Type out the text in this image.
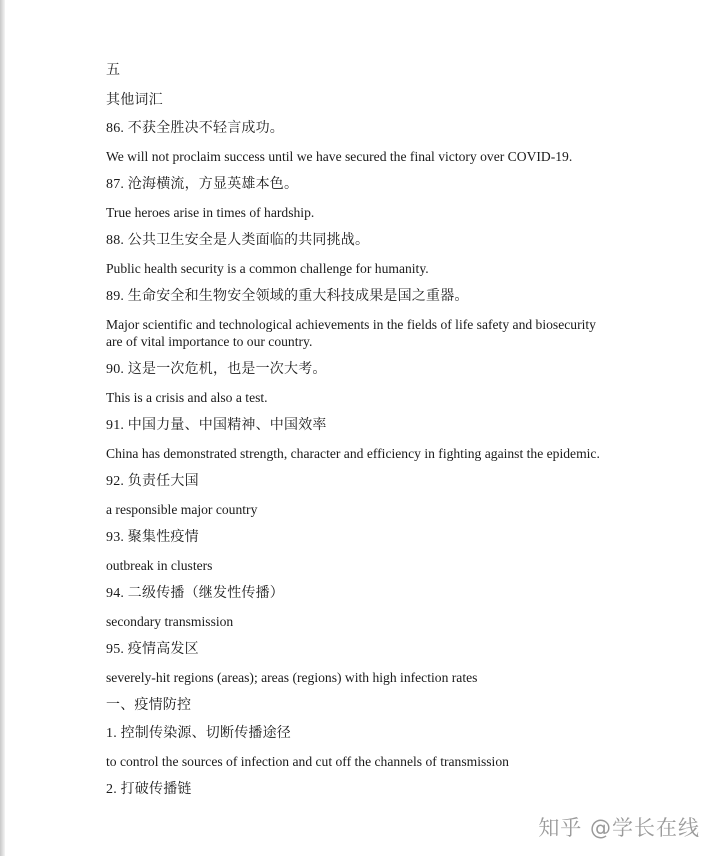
五

其他词汇

86. 不获全胜决不轻言成功。

We will not proclaim success until we have secured the final victory over COVID-19.

87. 沧海横流，方显英雄本色。

True heroes arise in times of hardship.

88. 公共卫生安全是人类面临的共同挑战。

Public health security is a common challenge for humanity.

89. 生命安全和生物安全领域的重大科技成果是国之重器。

Major scientific and technological achievements in the fields of life safety and biosecurity are of vital importance to our country.

90. 这是一次危机，也是一次大考。

This is a crisis and also a test.

91. 中国力量、中国精神、中国效率

China has demonstrated strength, character and efficiency in fighting against the epidemic.

92. 负责任大国

a responsible major country

93. 聚集性疫情

outbreak in clusters

94. 二级传播（继发性传播）

secondary transmission

95. 疫情高发区

severely-hit regions (areas); areas (regions) with high infection rates

一、疫情防控

1. 控制传染源、切断传播途径

to control the sources of infection and cut off the channels of transmission

2. 打破传播链

知乎 @学长在线
